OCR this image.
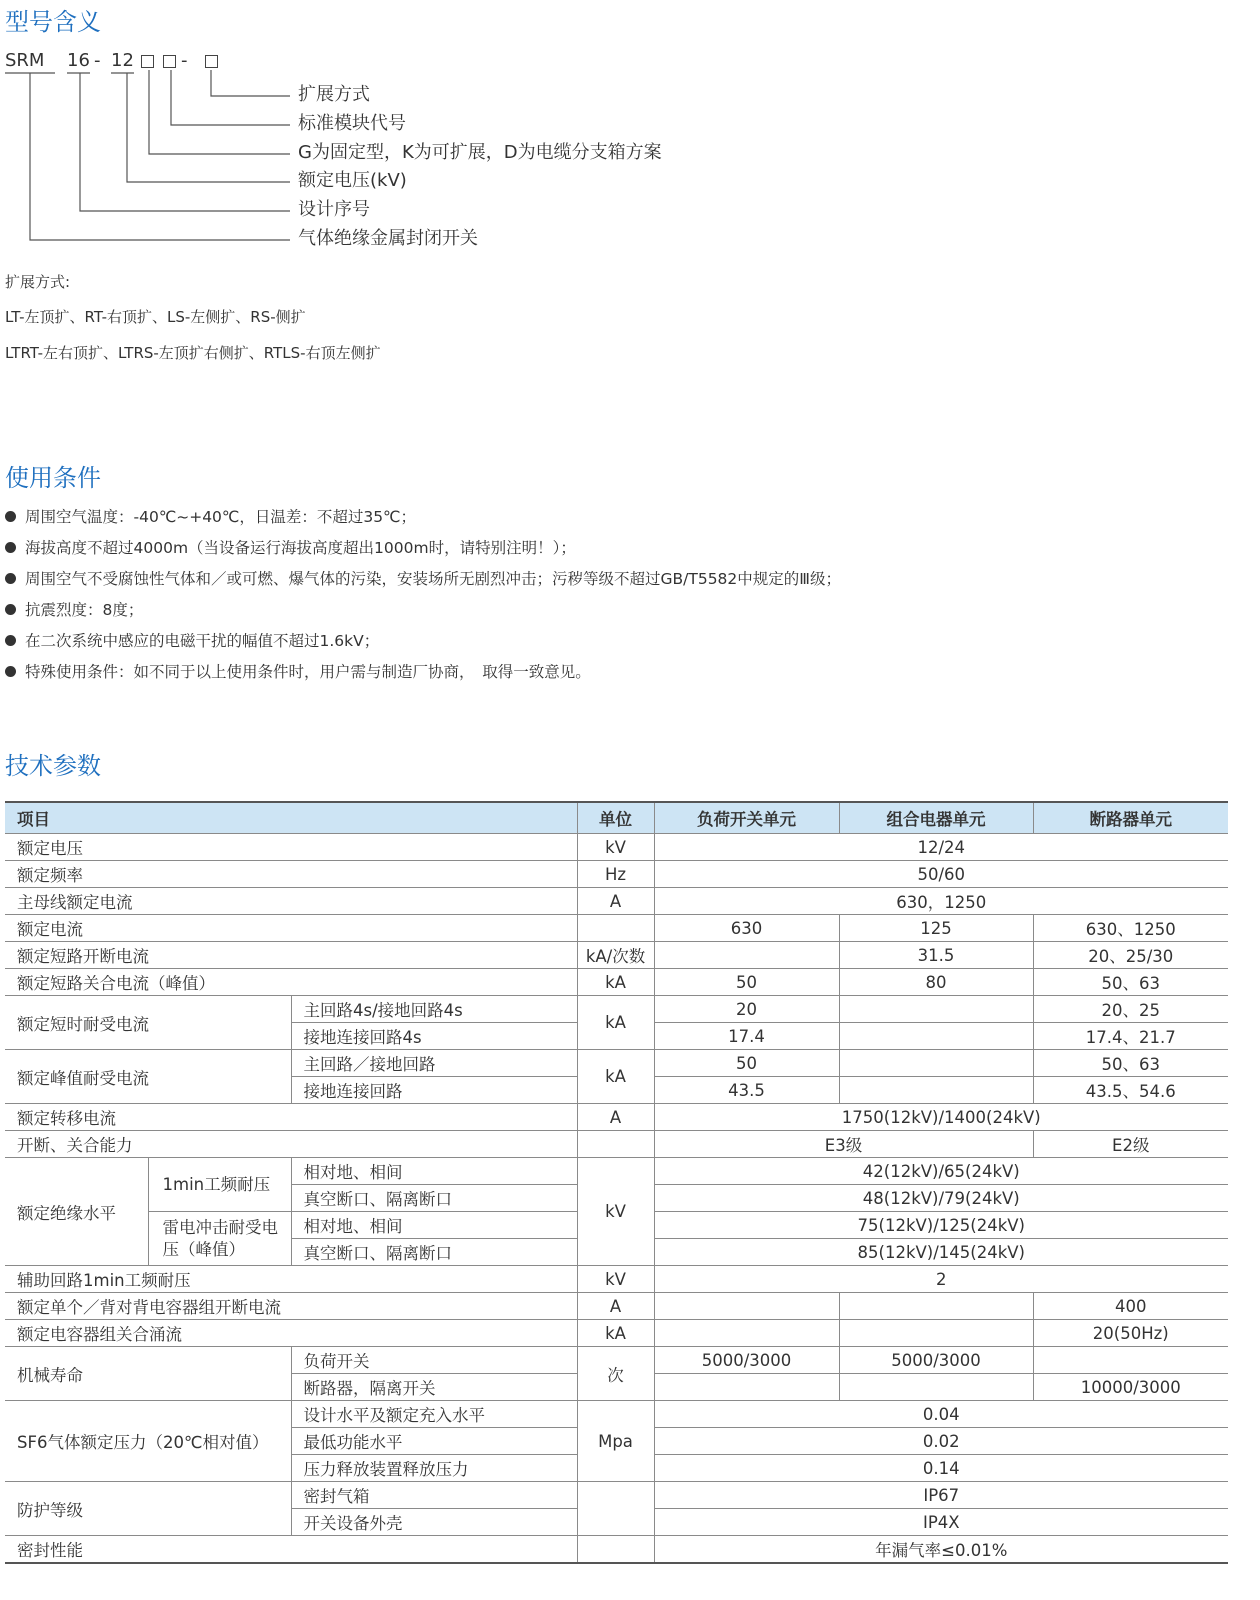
型号含义
SRM 16 - 12	-
扩展方式
标准模块代号
G为固定型，K为可扩展，D为电缆分支箱方案
额定电压(kV)
设计序号
气体绝缘金属封闭开关
扩展方式:
LT-左顶扩、RT-右顶扩、LS-左侧扩、RS-侧扩
LTRT-左右顶扩、LTRS-左顶扩右侧扩、RTLS-右顶左侧扩
使用条件
周围空气温度：-40℃~+40℃，日温差：不超过35℃；
海拔高度不超过4000m（当设备运行海拔高度超出1000m时，请特别注明！）；
周围空气不受腐蚀性气体和／或可燃、爆气体的污染，安装场所无剧烈冲击；污秽等级不超过GB/T5582中规定的Ⅲ级；
抗震烈度：8度；
在二次系统中感应的电磁干扰的幅值不超过1.6kV；
特殊使用条件：如不同于以上使用条件时，用户需与制造厂协商，　取得一致意见。
技术参数
项目			单位	负荷开关单元	组合电器单元	断路器单元
额定电压			kV	12/24		
额定频率			Hz	50/60		
主母线额定电流			A	630，1250		
额定电流				630	125	630、1250
额定短路开断电流			kA/次数		31.5	20、25/30
额定短路关合电流（峰值）			kA	50	80	50、63
额定短时耐受电流		主回路4s/接地回路4s	kA	20		20、25
		接地连接回路4s		17.4		17.4、21.7
额定峰值耐受电流		主回路／接地回路	kA	50		50、63
		接地连接回路		43.5		43.5、54.6
额定转移电流			A	1750(12kV)/1400(24kV)		
开断、关合能力				E3级		E2级
额定绝缘水平	1min工频耐压	相对地、相间	kV	42(12kV)/65(24kV)		
		真空断口、隔离断口		48(12kV)/79(24kV)		
	雷电冲击耐受电压（峰值）	相对地、相间		75(12kV)/125(24kV)		
		真空断口、隔离断口		85(12kV)/145(24kV)		
辅助回路1min工频耐压			kV	2		
额定单个／背对背电容器组开断电流			A			400
额定电容器组关合涌流			kA			20(50Hz)
机械寿命		负荷开关	次	5000/3000	5000/3000	
		断路器，隔离开关				10000/3000
SF6气体额定压力（20℃相对值）		设计水平及额定充入水平	Mpa	0.04		
		最低功能水平		0.02		
		压力释放装置释放压力		0.14		
防护等级		密封气箱		IP67		
		开关设备外壳		IP4X		
密封性能				年漏气率≤0.01%		
